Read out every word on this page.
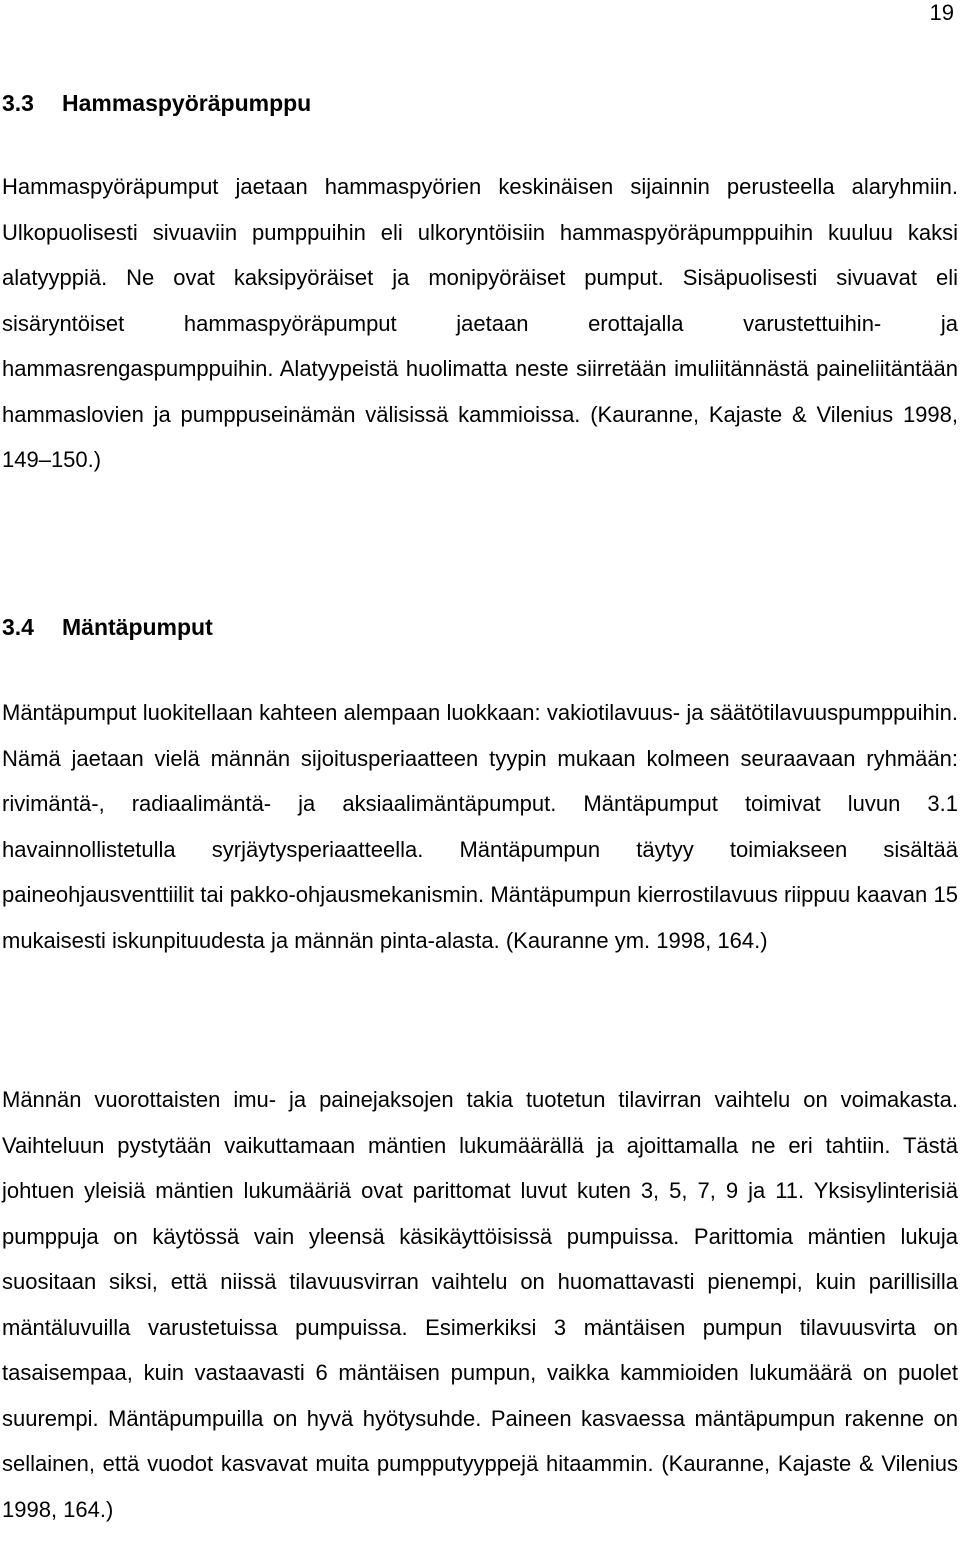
19
3.3 Hammaspyöräpumppu

Hammaspyöräpumput jaetaan hammaspyörien keskinäisen sijainnin perusteella alaryhmiin. Ulkopuolisesti sivuaviin pumppuihin eli ulkoryntöisiin hammaspyöräpumppuihin kuuluu kaksi alatyyppiä. Ne ovat kaksipyöräiset ja monipyöräiset pumput. Sisäpuolisesti sivuavat eli sisäryntöiset hammaspyöräpumput jaetaan erottajalla varustettuihin- ja hammasrengaspumppuihin. Alatyypeistä huolimatta neste siirretään imuliitännästä paineliitäntään hammaslovien ja pumppuseinämän välisissä kammioissa. (Kauranne, Kajaste & Vilenius 1998, 149–150.)

3.4 Mäntäpumput

Mäntäpumput luokitellaan kahteen alempaan luokkaan: vakiotilavuus- ja säätötilavuuspumppuihin. Nämä jaetaan vielä männän sijoitusperiaatteen tyypin mukaan kolmeen seuraavaan ryhmään: rivimäntä-, radiaalimäntä- ja aksiaalimäntäpumput. Mäntäpumput toimivat luvun 3.1 havainnollistetulla syrjäytysperiaatteella. Mäntäpumpun täytyy toimiakseen sisältää paineohjausventtiilit tai pakko-ohjausmekanismin. Mäntäpumpun kierrostilavuus riippuu kaavan 15 mukaisesti iskunpituudesta ja männän pinta-alasta. (Kauranne ym. 1998, 164.)

Männän vuorottaisten imu- ja painejaksojen takia tuotetun tilavirran vaihtelu on voimakasta. Vaihteluun pystytään vaikuttamaan mäntien lukumäärällä ja ajoittamalla ne eri tahtiin. Tästä johtuen yleisiä mäntien lukumääriä ovat parittomat luvut kuten 3, 5, 7, 9 ja 11. Yksisylinterisiä pumppuja on käytössä vain yleensä käsikäyttöisissä pumpuissa. Parittomia mäntien lukuja suositaan siksi, että niissä tilavuusvirran vaihtelu on huomattavasti pienempi, kuin parillisilla mäntäluvuilla varustetuissa pumpuissa. Esimerkiksi 3 mäntäisen pumpun tilavuusvirta on tasaisempaa, kuin vastaavasti 6 mäntäisen pumpun, vaikka kammioiden lukumäärä on puolet suurempi. Mäntäpumpuilla on hyvä hyötysuhde. Paineen kasvaessa mäntäpumpun rakenne on sellainen, että vuodot kasvavat muita pumpputyyppejä hitaammin. (Kauranne, Kajaste & Vilenius 1998, 164.)
